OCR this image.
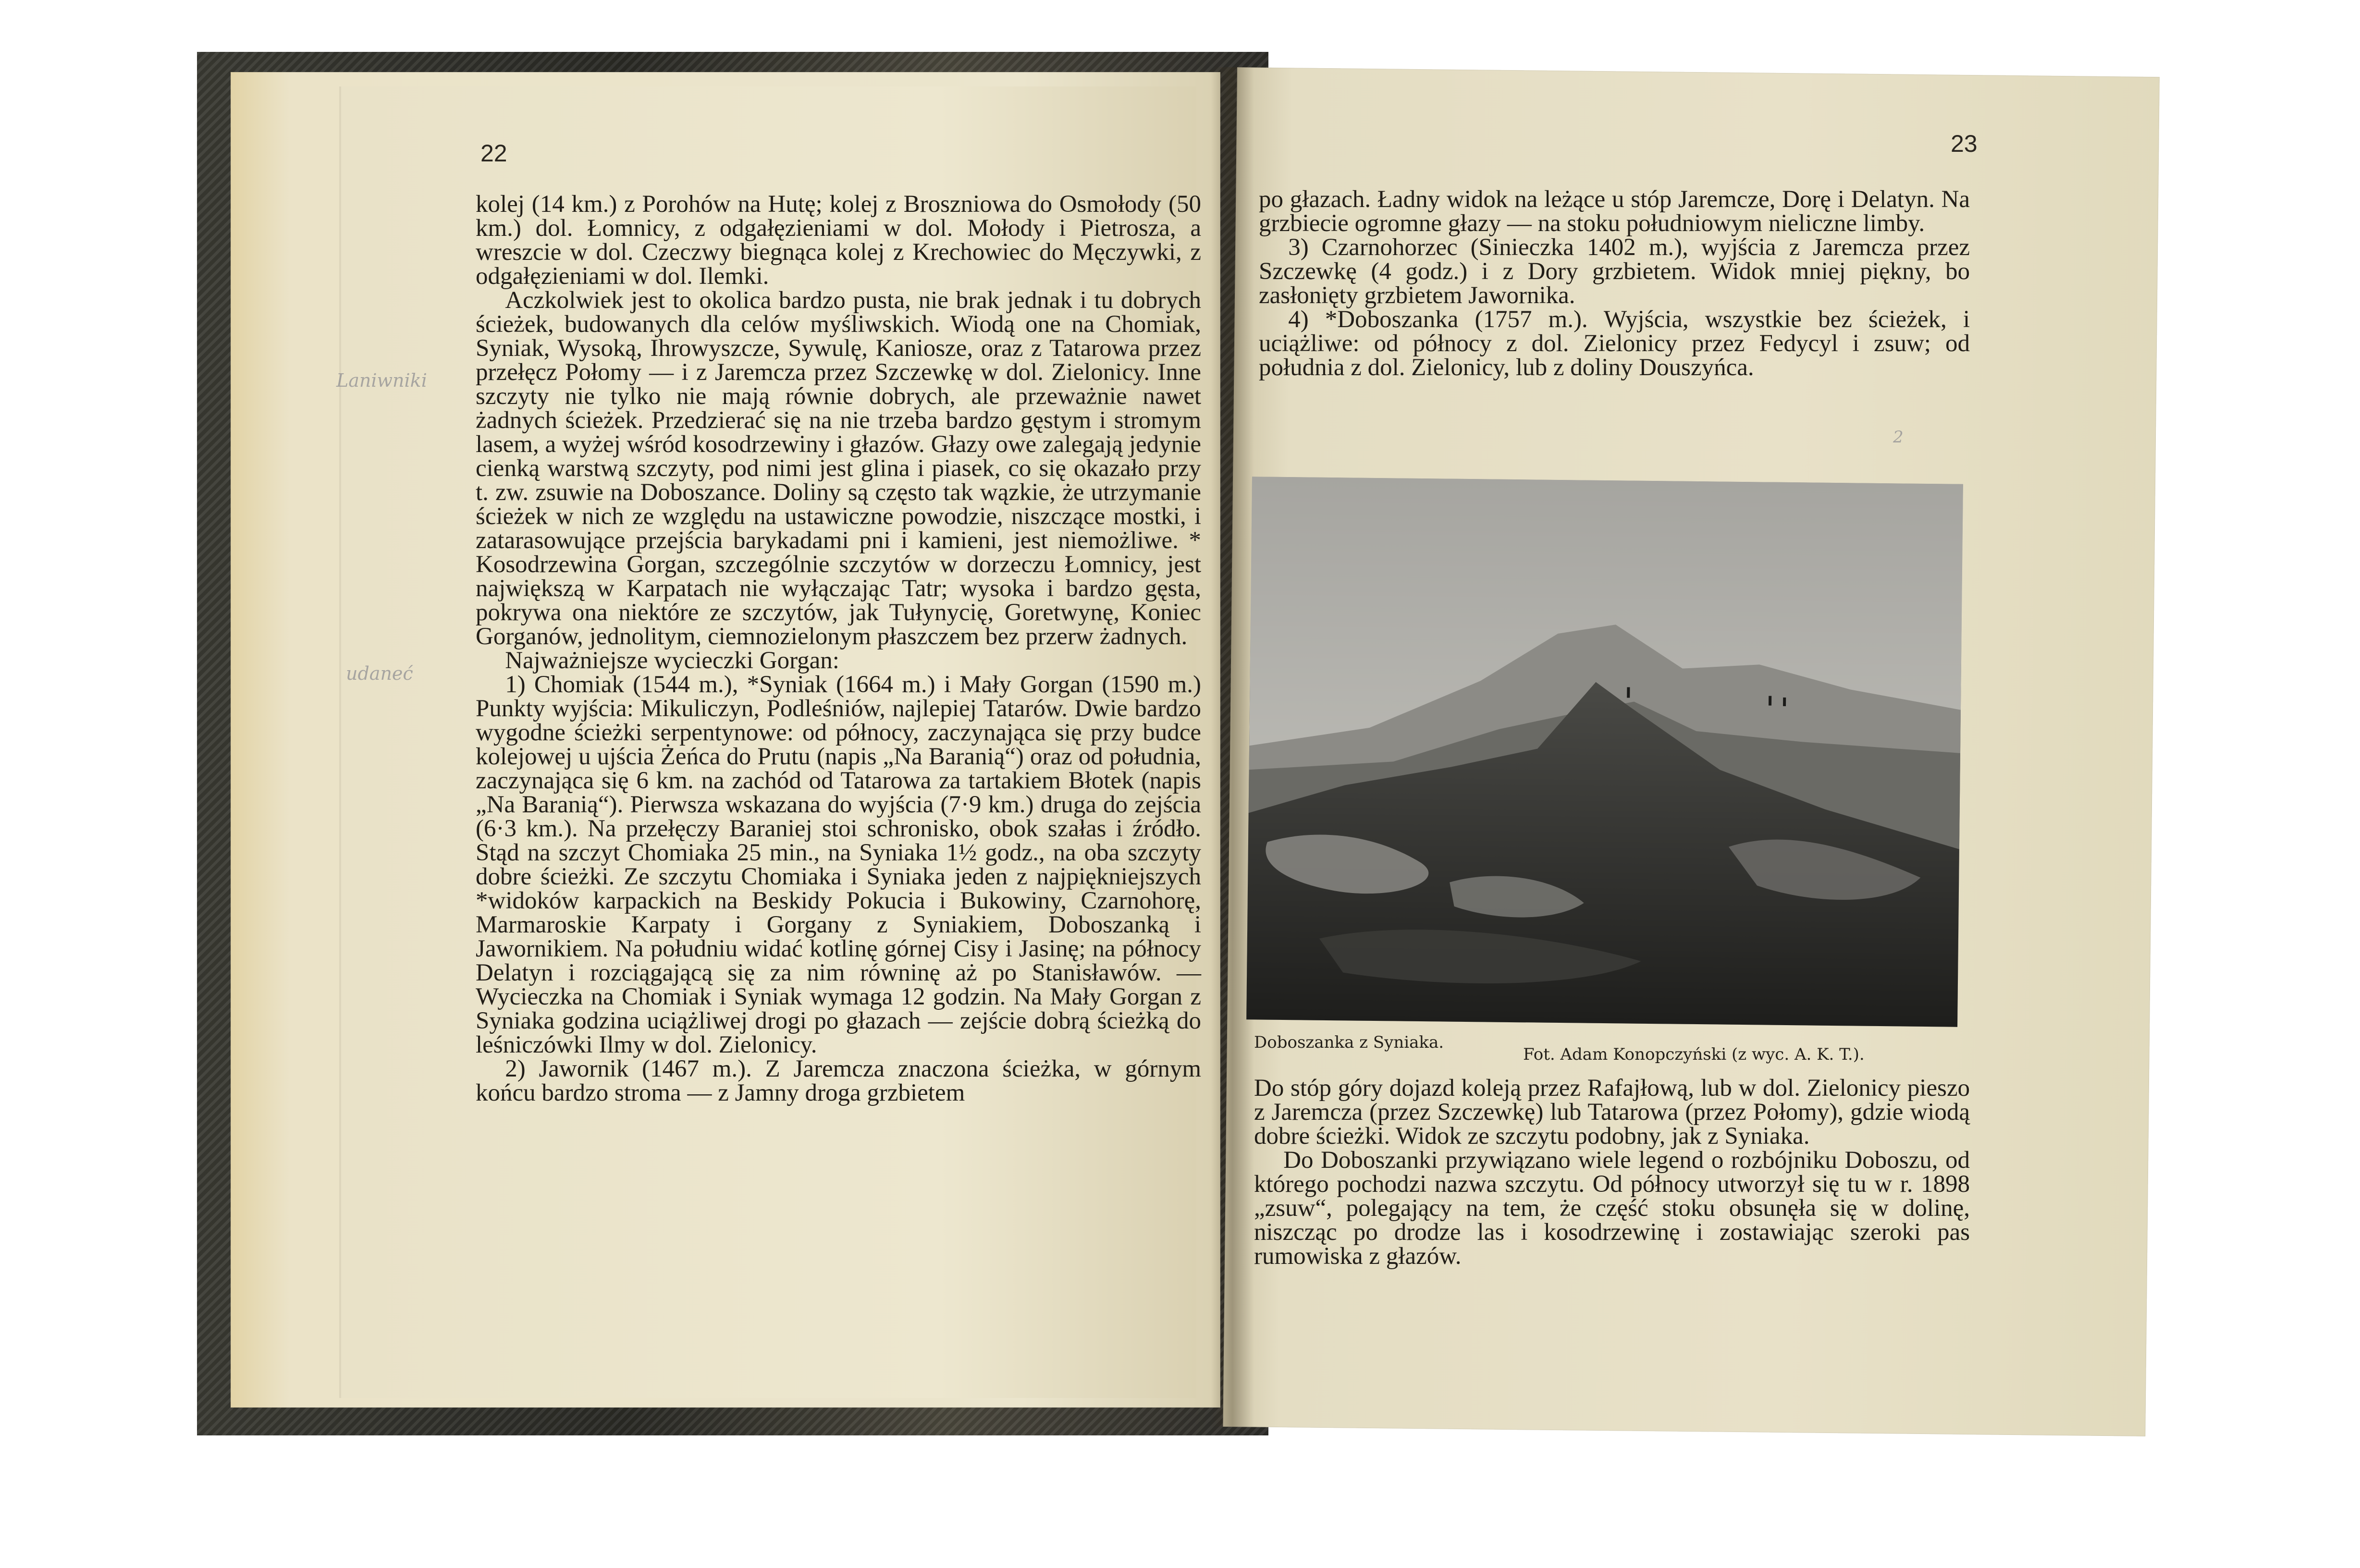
22	23
Laniwniki
udaneć

kolej (14 km.) z Porohów na Hutę; kolej z Broszniowa do Osmołody (50 km.) dol. Łomnicy, z odgałęzieniami w dol. Mołody i Pietrosza, a wreszcie w dol. Czeczwy biegnąca kolej z Krechowiec do Męczywki, z odgałęzieniami w dol. Ilemki.

Aczkolwiek jest to okolica bardzo pusta, nie brak jednak i tu dobrych ścieżek, budowanych dla celów myśliwskich. Wiodą one na Chomiak, Syniak, Wysoką, Ihrowyszcze, Sywulę, Kaniosze, oraz z Tatarowa przez przełęcz Połomy — i z Jaremcza przez Szczewkę w dol. Zielonicy. Inne szczyty nie tylko nie mają równie dobrych, ale przeważnie nawet żadnych ścieżek. Przedzierać się na nie trzeba bardzo gęstym i stromym lasem, a wyżej wśród kosodrzewiny i głazów. Głazy owe zalegają jedynie cienką warstwą szczyty, pod nimi jest glina i piasek, co się okazało przy t. zw. zsuwie na Doboszance. Doliny są często tak wązkie, że utrzymanie ścieżek w nich ze względu na ustawiczne powodzie, niszczące mostki, i zatarasowujące przejścia barykadami pni i kamieni, jest niemożliwe. * Kosodrzewina Gorgan, szczególnie szczytów w dorzeczu Łomnicy, jest największą w Karpatach nie wyłączając Tatr; wysoka i bardzo gęsta, pokrywa ona niektóre ze szczytów, jak Tułynycię, Goretwynę, Koniec Gorganów, jednolitym, ciemnozielonym płaszczem bez przerw żadnych.

Najważniejsze wycieczki Gorgan:

1) Chomiak (1544 m.), *Syniak (1664 m.) i Mały Gorgan (1590 m.) Punkty wyjścia: Mikuliczyn, Podleśniów, najlepiej Tatarów. Dwie bardzo wygodne ścieżki serpentynowe: od północy, zaczynająca się przy budce kolejowej u ujścia Żeńca do Prutu (napis „Na Baranią“) oraz od południa, zaczynająca się 6 km. na zachód od Tatarowa za tartakiem Błotek (napis „Na Baranią“). Pierwsza wskazana do wyjścia (7·9 km.) druga do zejścia (6·3 km.). Na przełęczy Baraniej stoi schronisko, obok szałas i źródło. Stąd na szczyt Chomiaka 25 min., na Syniaka 1½ godz., na oba szczyty dobre ścieżki. Ze szczytu Chomiaka i Syniaka jeden z najpiękniejszych *widoków karpackich na Beskidy Pokucia i Bukowiny, Czarnohorę, Marmaroskie Karpaty i Gorgany z Syniakiem, Doboszanką i Jawornikiem. Na południu widać kotlinę górnej Cisy i Jasinę; na północy Delatyn i rozciągającą się za nim równinę aż po Stanisławów. — Wycieczka na Chomiak i Syniak wymaga 12 godzin. Na Mały Gorgan z Syniaka godzina uciążliwej drogi po głazach — zejście dobrą ścieżką do leśniczówki Ilmy w dol. Zielonicy.

2) Jawornik (1467 m.). Z Jaremcza znaczona ścieżka, w górnym końcu bardzo stroma — z Jamny droga grzbietem

po głazach. Ładny widok na leżące u stóp Jaremcze, Dorę i Delatyn. Na grzbiecie ogromne głazy — na stoku południowym nieliczne limby.

3) Czarnohorzec (Sinieczka 1402 m.), wyjścia z Jaremcza przez Szczewkę (4 godz.) i z Dory grzbietem. Widok mniej piękny, bo zasłonięty grzbietem Jawornika.

4) *Doboszanka (1757 m.). Wyjścia, wszystkie bez ścieżek, i uciążliwe: od północy z dol. Zielonicy przez Fedycyl i zsuw; od południa z dol. Zielonicy, lub z doliny Douszyńca.

2
Doboszanka z Syniaka.
Fot. Adam Konopczyński (z wyc. A. K. T.).

Do stóp góry dojazd koleją przez Rafajłową, lub w dol. Zielonicy pieszo z Jaremcza (przez Szczewkę) lub Tatarowa (przez Połomy), gdzie wiodą dobre ścieżki. Widok ze szczytu podobny, jak z Syniaka.

Do Doboszanki przywiązano wiele legend o rozbójniku Doboszu, od którego pochodzi nazwa szczytu. Od północy utworzył się tu w r. 1898 „zsuw“, polegający na tem, że część stoku obsunęła się w dolinę, niszcząc po drodze las i kosodrzewinę i zostawiając szeroki pas rumowiska z głazów.
